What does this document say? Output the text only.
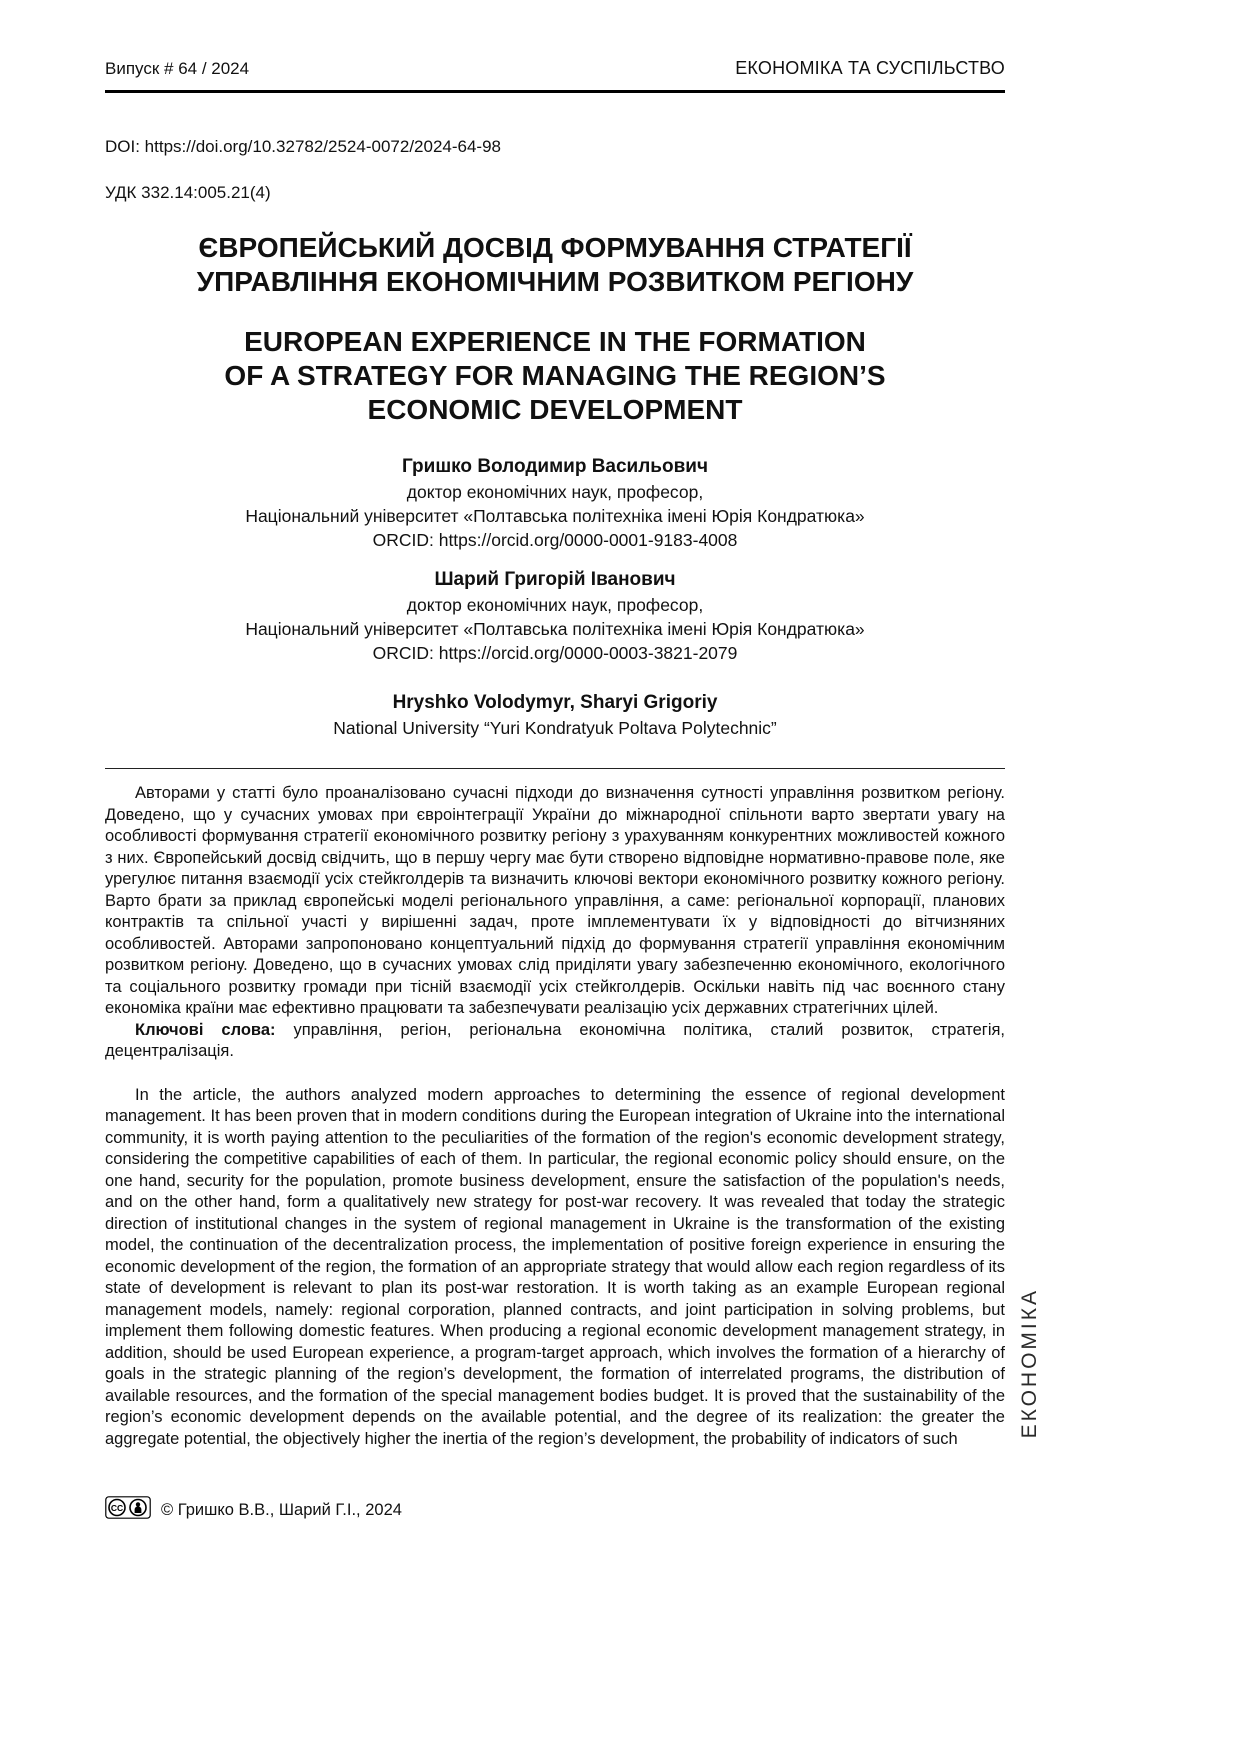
Випуск # 64 / 2024	ЕКОНОМІКА ТА СУСПІЛЬСТВО

DOI: https://doi.org/10.32782/2524-0072/2024-64-98

УДК 332.14:005.21(4)

ЄВРОПЕЙСЬКИЙ ДОСВІД ФОРМУВАННЯ СТРАТЕГІЇ
УПРАВЛІННЯ ЕКОНОМІЧНИМ РОЗВИТКОМ РЕГІОНУ
EUROPEAN EXPERIENCE IN THE FORMATION
OF A STRATEGY FOR MANAGING THE REGION’S
ECONOMIC DEVELOPMENT
Гришко Володимир Васильович
доктор економічних наук, професор,
Національний університет «Полтавська політехніка імені Юрія Кондратюка»
ORCID: https://orcid.org/0000-0001-9183-4008
Шарий Григорій Іванович
доктор економічних наук, професор,
Національний університет «Полтавська політехніка імені Юрія Кондратюка»
ORCID: https://orcid.org/0000-0003-3821-2079
Hryshko Volodymyr, Sharyi Grigoriy
National University “Yuri Kondratyuk Poltava Polytechnic”

Авторами у статті було проаналізовано сучасні підходи до визначення сутності управління розвитком регіону. Доведено, що у сучасних умовах при євроінтеграції України до міжнародної спільноти варто звертати увагу на особливості формування стратегії економічного розвитку регіону з урахуванням конкурентних можливостей кожного з них. Європейський досвід свідчить, що в першу чергу має бути створено відповідне нормативно-правове поле, яке урегулює питання взаємодії усіх стейкголдерів та визначить ключові вектори економічного розвитку кожного регіону. Варто брати за приклад європейські моделі регіонального управління, а саме: регіональної корпорації, планових контрактів та спільної участі у вирішенні задач, проте імплементувати їх у відповідності до вітчизняних особливостей. Авторами запропоновано концептуальний підхід до формування стратегії управління економічним розвитком регіону. Доведено, що в сучасних умовах слід приділяти увагу забезпеченню економічного, екологічного та соціального розвитку громади при тісній взаємодії усіх стейкголдерів. Оскільки навіть під час воєнного стану економіка країни має ефективно працювати та забезпечувати реалізацію усіх державних стратегічних цілей.

Ключові слова: управління, регіон, регіональна економічна політика, сталий розвиток, стратегія, децентралізація.

In the article, the authors analyzed modern approaches to determining the essence of regional development management. It has been proven that in modern conditions during the European integration of Ukraine into the international community, it is worth paying attention to the peculiarities of the formation of the region's economic development strategy, considering the competitive capabilities of each of them. In particular, the regional economic policy should ensure, on the one hand, security for the population, promote business development, ensure the satisfaction of the population's needs, and on the other hand, form a qualitatively new strategy for post-war recovery. It was revealed that today the strategic direction of institutional changes in the system of regional management in Ukraine is the transformation of the existing model, the continuation of the decentralization process, the implementation of positive foreign experience in ensuring the economic development of the region, the formation of an appropriate strategy that would allow each region regardless of its state of development is relevant to plan its post-war restoration. It is worth taking as an example European regional management models, namely: regional corporation, planned contracts, and joint participation in solving problems, but implement them following domestic features. When producing a regional economic development management strategy, in addition, should be used European experience, a program-target approach, which involves the formation of a hierarchy of goals in the strategic planning of the region’s development, the formation of interrelated programs, the distribution of available resources, and the formation of the special management bodies budget. It is proved that the sustainability of the region’s economic development depends on the available potential, and the degree of its realization: the greater the aggregate potential, the objectively higher the inertia of the region’s development, the probability of indicators of such

ЕКОНОМІКА
CC © Гришко В.В., Шарий Г.І., 2024
